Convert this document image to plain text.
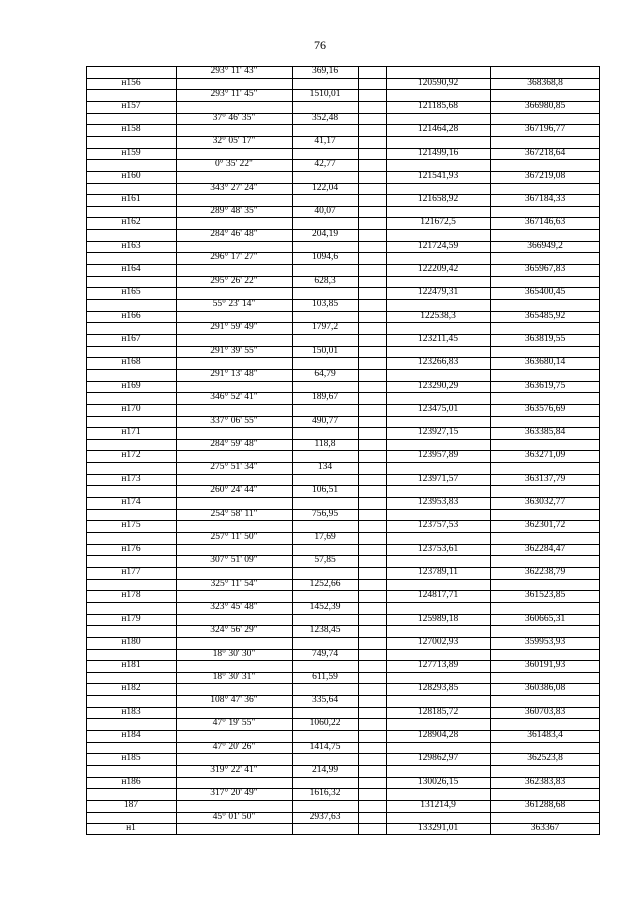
76
293° 11' 43"	369,16
н156	120590,92	368368,8
293° 11' 45"	1510,01
н157	121185,68	366980,85
37° 46' 35"	352,48
н158	121464,28	367196,77
32° 05' 17"	41,17
н159	121499,16	367218,64
0° 35' 22"	42,77
н160	121541,93	367219,08
343° 27' 24"	122,04
н161	121658,92	367184,33
289° 48' 35"	40,07
н162	121672,5	367146,63
284° 46' 48"	204,19
н163	121724,59	366949,2
296° 17' 27"	1094,6
н164	122209,42	365967,83
295° 26' 22"	628,3
н165	122479,31	365400,45
55° 23' 14"	103,85
н166	122538,3	365485,92
291° 59' 49"	1797,2
н167	123211,45	363819,55
291° 39' 55"	150,01
н168	123266,83	363680,14
291° 13' 48"	64,79
н169	123290,29	363619,75
346° 52' 41"	189,67
н170	123475,01	363576,69
337° 06' 55"	490,77
н171	123927,15	363385,84
284° 59' 48"	118,8
н172	123957,89	363271,09
275° 51' 34"	134
н173	123971,57	363137,79
260° 24' 44"	106,51
н174	123953,83	363032,77
254° 58' 11"	756,95
н175	123757,53	362301,72
257° 11' 50"	17,69
н176	123753,61	362284,47
307° 51' 09"	57,85
н177	123789,11	362238,79
325° 11' 54"	1252,66
н178	124817,71	361523,85
323° 45' 48"	1452,39
н179	125989,18	360665,31
324° 56' 29"	1238,45
н180	127002,93	359953,93
18° 30' 30"	749,74
н181	127713,89	360191,93
18° 30' 31"	611,59
н182	128293,85	360386,08
108° 47' 36"	335,64
н183	128185,72	360703,83
47° 19' 55"	1060,22
н184	128904,28	361483,4
47° 20' 26"	1414,75
н185	129862,97	362523,8
319° 22' 41"	214,99
н186	130026,15	362383,83
317° 20' 49"	1616,32
187	131214,9	361288,68
45° 01' 50"	2937,63
н1	133291,01	363367
